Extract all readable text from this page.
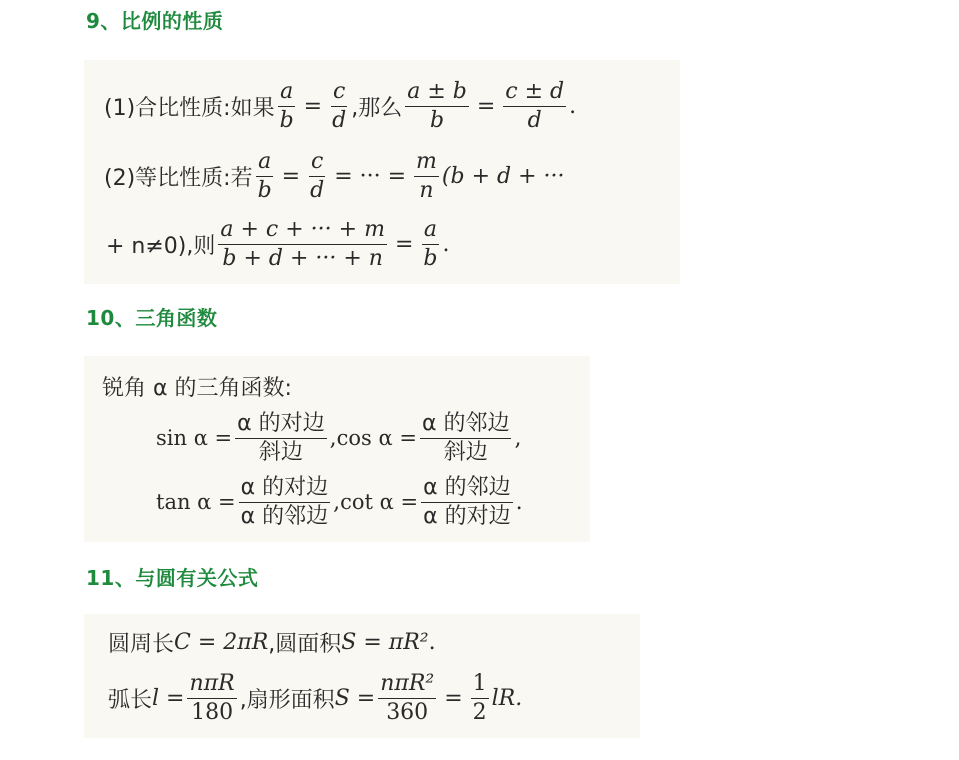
9、比例的性质
(1)合比性质:如果 $\frac{a}{b} = \frac{c}{d}$ ,那么 $\frac{a \pm b}{b} = \frac{c \pm d}{d}$ .
(2)等比性质:若 $\frac{a}{b} = \frac{c}{d}$ = ··· = $\frac{m}{n} (b + d$ + ···
+ n≠0),则 $\frac{a + c + \cdot\cdot\cdot + m}{b + d + \cdot\cdot\cdot + n} = \frac{a}{b}$ .
10、三角函数
锐角 α 的三角函数:
$\sin \alpha = \frac{\text{α 的对边}}{\text{斜边}}$ , $\cos \alpha = \frac{\text{α 的邻边}}{\text{斜边}}$ ,
$\tan \alpha = \frac{\text{α 的对边}}{\text{α 的邻边}}$ , $\cot \alpha = \frac{\text{α 的邻边}}{\text{α 的对边}}$ .
11、与圆有关公式
圆周长 C = 2πR ,圆面积 S = πR² .
弧长 $l = \frac{\text{nπR}}{180}$ ,扇形面积 $S = \frac{\text{nπR²}}{360} = \frac{1}{2}$ lR.
